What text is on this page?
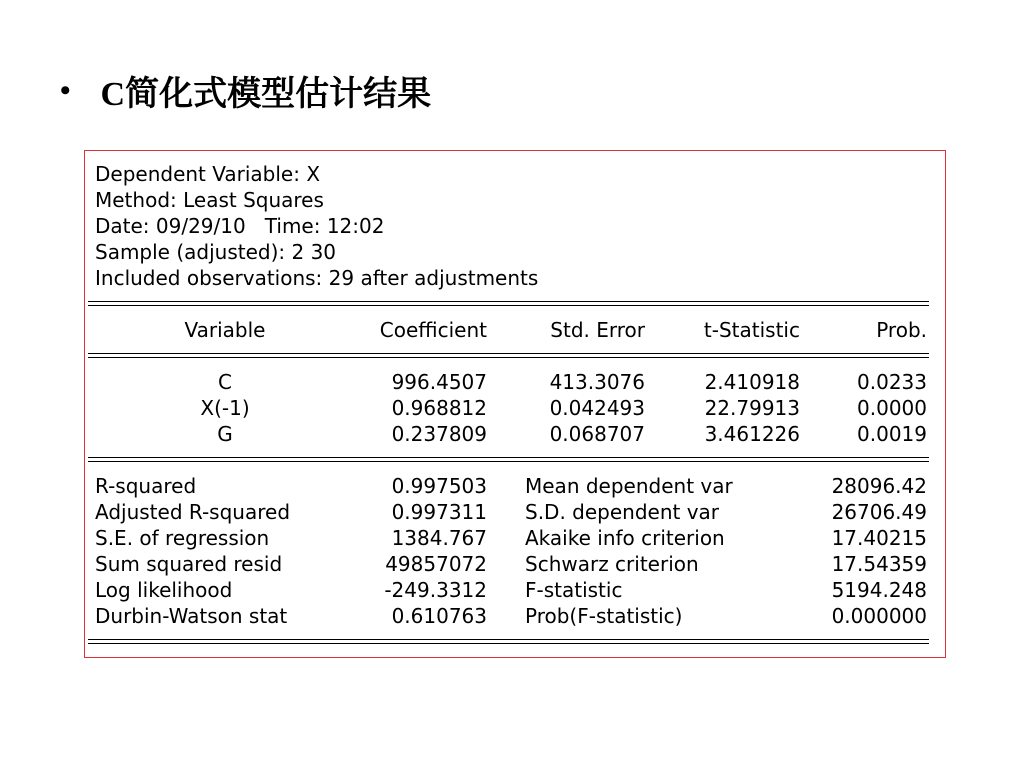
• C简化式模型估计结果
Dependent Variable: X
Method: Least Squares
Date: 09/29/10   Time: 12:02
Sample (adjusted): 2 30
Included observations: 29 after adjustments
Variable	Coefficient	Std. Error	t-Statistic	Prob.
C	996.4507	413.3076	2.410918	0.0233
X(-1)	0.968812	0.042493	22.79913	0.0000
G	0.237809	0.068707	3.461226	0.0019
R-squared	0.997503 Mean dependent var	28096.42
Adjusted R-squared	0.997311 S.D. dependent var	26706.49
S.E. of regression	1384.767 Akaike info criterion	17.40215
Sum squared resid	49857072 Schwarz criterion	17.54359
Log likelihood	-249.3312 F-statistic	5194.248
Durbin-Watson stat	0.610763 Prob(F-statistic)	0.000000
